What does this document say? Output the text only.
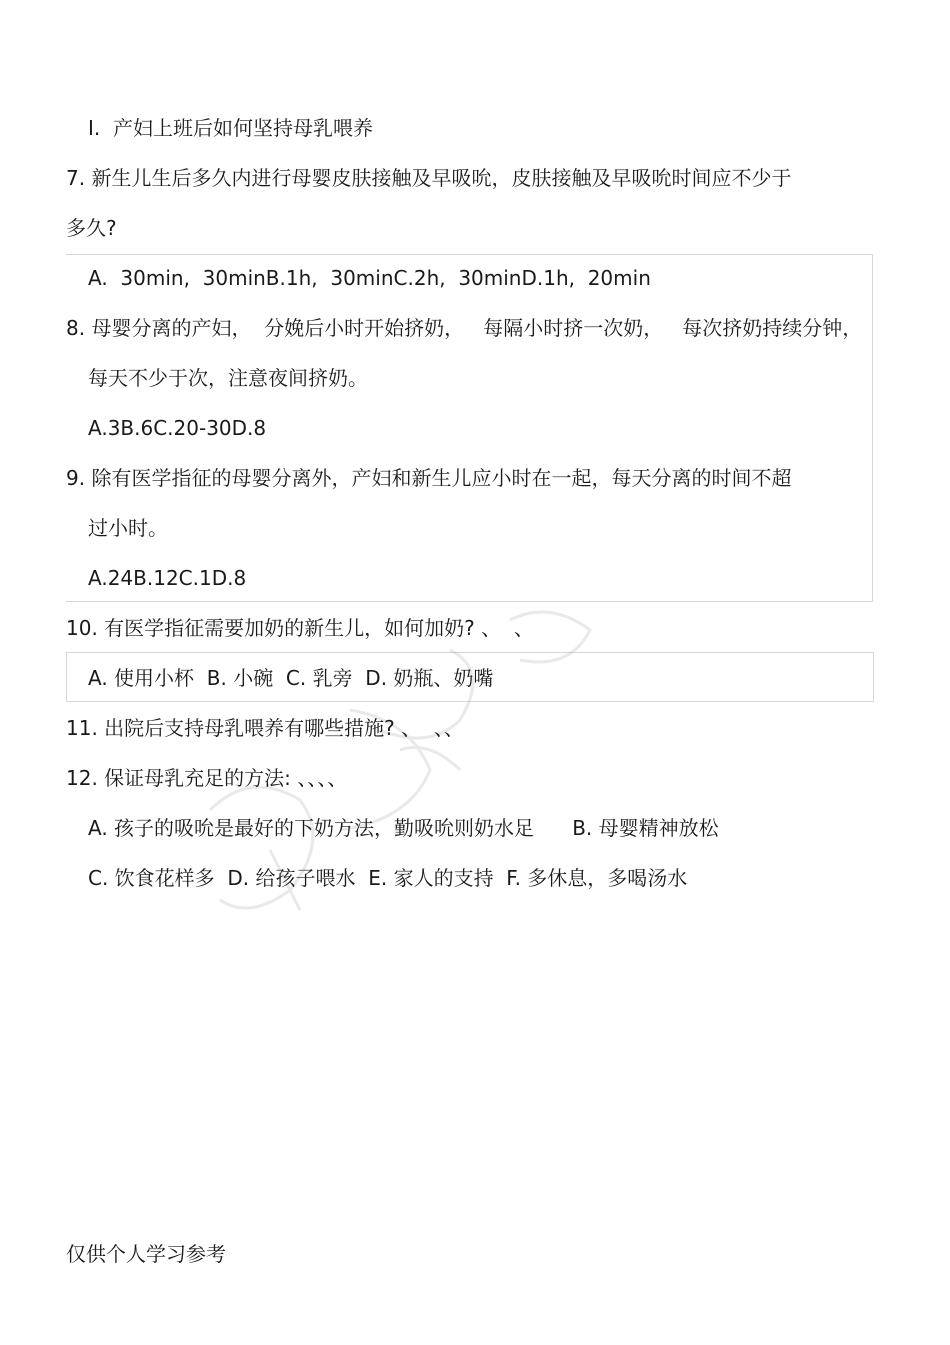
I.  产妇上班后如何坚持母乳喂养
7. 新生儿生后多久内进行母婴皮肤接触及早吸吮，皮肤接触及早吸吮时间应不少于
多久?
A.  30min,  30minB.1h,  30minC.2h,  30minD.1h,  20min
8. 母婴分离的产妇，  分娩后小时开始挤奶，   每隔小时挤一次奶，   每次挤奶持续分钟，
每天不少于次，注意夜间挤奶。
A.3B.6C.20-30D.8
9. 除有医学指征的母婴分离外，产妇和新生儿应小时在一起，每天分离的时间不超
过小时。
A.24B.12C.1D.8
10. 有医学指征需要加奶的新生儿，如何加奶? 、  、
A. 使用小杯  B. 小碗  C. 乳旁  D. 奶瓶、奶嘴
11. 出院后支持母乳喂养有哪些措施? 、  、、
12. 保证母乳充足的方法: 、、、、
A. 孩子的吸吮是最好的下奶方法，勤吸吮则奶水足      B. 母婴精神放松
C. 饮食花样多  D. 给孩子喂水  E. 家人的支持  F. 多休息，多喝汤水
仅供个人学习参考
